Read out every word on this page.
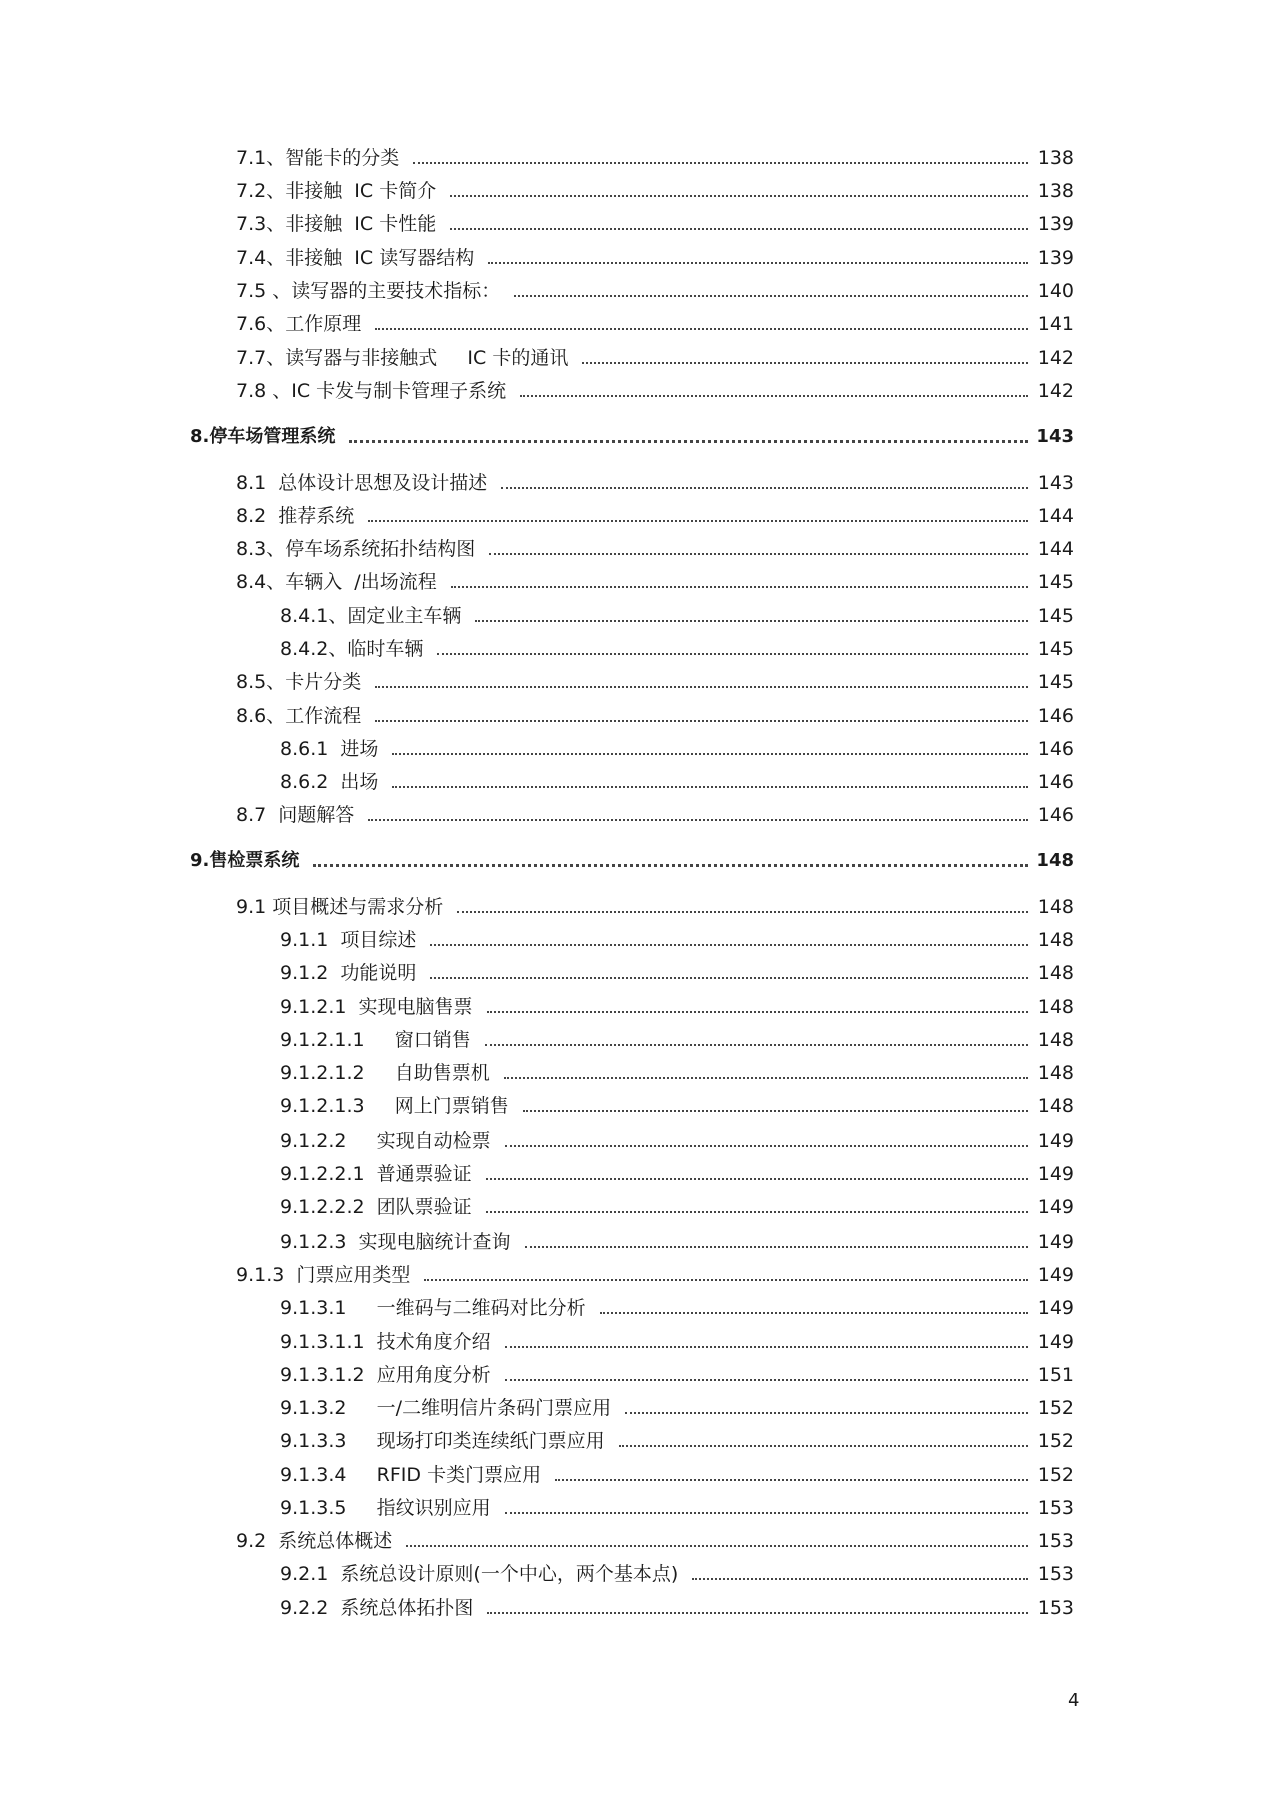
7.1、智能卡的分类	138
7.2、非接触  IC 卡简介	138
7.3、非接触  IC 卡性能	139
7.4、非接触  IC 读写器结构	139
7.5 、读写器的主要技术指标：	140
7.6、工作原理	141
7.7、读写器与非接触式     IC 卡的通讯	142
7.8 、IC 卡发与制卡管理子系统	142
8.停车场管理系统	143
8.1  总体设计思想及设计描述	143
8.2  推荐系统	144
8.3、停车场系统拓扑结构图	144
8.4、车辆入  /出场流程	145
8.4.1、固定业主车辆	145
8.4.2、临时车辆	145
8.5、卡片分类	145
8.6、工作流程	146
8.6.1  进场	146
8.6.2  出场	146
8.7  问题解答	146
9.售检票系统	148
9.1 项目概述与需求分析	148
9.1.1  项目综述	148
9.1.2  功能说明	148
9.1.2.1  实现电脑售票	148
9.1.2.1.1     窗口销售	148
9.1.2.1.2     自助售票机	148
9.1.2.1.3     网上门票销售	148
9.1.2.2     实现自动检票	149
9.1.2.2.1  普通票验证	149
9.1.2.2.2  团队票验证	149
9.1.2.3  实现电脑统计查询	149
9.1.3  门票应用类型	149
9.1.3.1     一维码与二维码对比分析	149
9.1.3.1.1  技术角度介绍	149
9.1.3.1.2  应用角度分析	151
9.1.3.2     一/二维明信片条码门票应用	152
9.1.3.3     现场打印类连续纸门票应用	152
9.1.3.4     RFID 卡类门票应用	152
9.1.3.5     指纹识别应用	153
9.2  系统总体概述	153
9.2.1  系统总设计原则(一个中心，两个基本点)	153
9.2.2  系统总体拓扑图	153
4
